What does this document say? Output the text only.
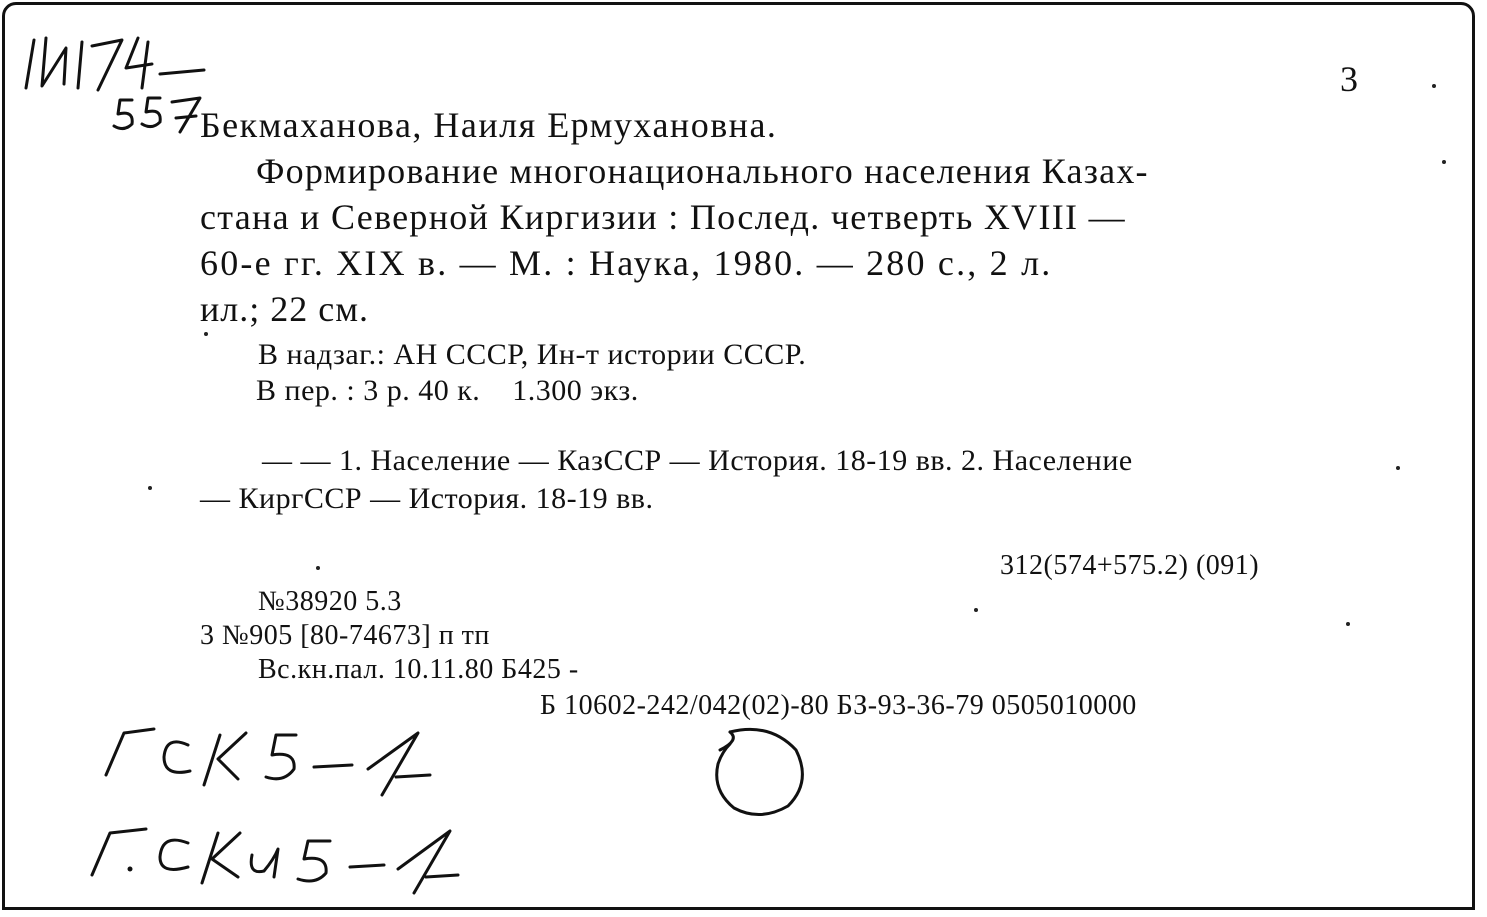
3
Бекмаханова, Наиля Ермухановна.
Формирование многонационального населения Казах-
стана и Северной Киргизии : Послед. четверть XVIII —
60-е гг. XIX в. — М. : Наука, 1980. — 280 с., 2 л.
ил.; 22 см.
В надзаг.: АН СССР, Ин-т истории СССР.
В пер. : 3 р. 40 к.    1.300 экз.
— — 1. Население — КазССР — История. 18-19 вв. 2. Население
— КиргССР — История. 18-19 вв.
312(574+575.2) (091)
№38920 5.3
3 №905 [80-74673] п тп
Вс.кн.пал. 10.11.80 Б425 -
Б 10602-242/042(02)-80 БЗ-93-36-79 0505010000
